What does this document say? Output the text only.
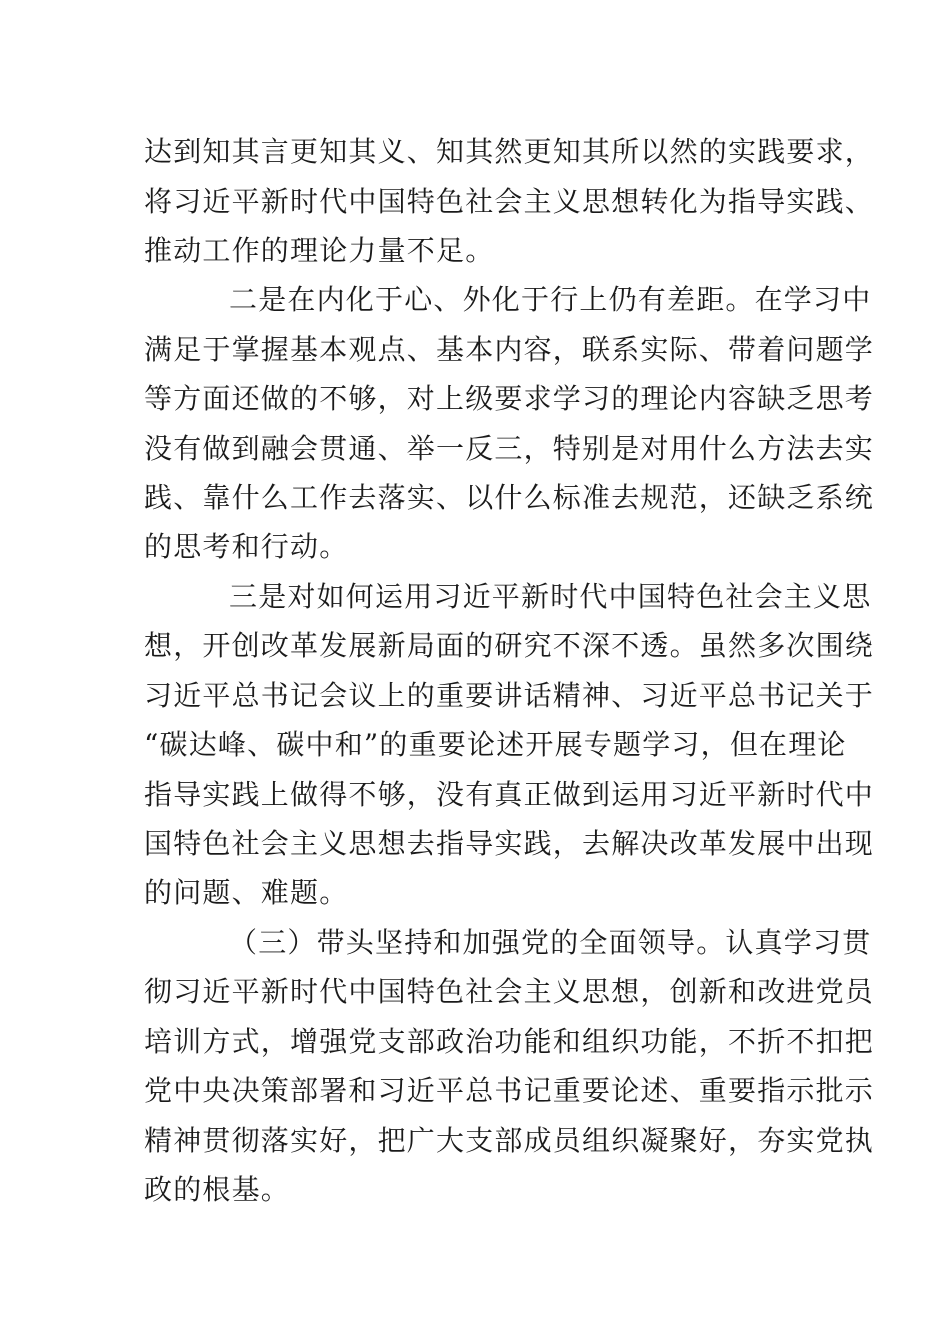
达到知其言更知其义、知其然更知其所以然的实践要求，
将习近平新时代中国特色社会主义思想转化为指导实践、
推动工作的理论力量不足。
二是在内化于心、外化于行上仍有差距。在学习中
满足于掌握基本观点、基本内容，联系实际、带着问题学
等方面还做的不够，对上级要求学习的理论内容缺乏思考
没有做到融会贯通、举一反三，特别是对用什么方法去实
践、靠什么工作去落实、以什么标准去规范，还缺乏系统
的思考和行动。
三是对如何运用习近平新时代中国特色社会主义思
想，开创改革发展新局面的研究不深不透。虽然多次围绕
习近平总书记会议上的重要讲话精神、习近平总书记关于
“碳达峰、碳中和”的重要论述开展专题学习，但在理论
指导实践上做得不够，没有真正做到运用习近平新时代中
国特色社会主义思想去指导实践，去解决改革发展中出现
的问题、难题。
（三）带头坚持和加强党的全面领导。认真学习贯
彻习近平新时代中国特色社会主义思想，创新和改进党员
培训方式，增强党支部政治功能和组织功能，不折不扣把
党中央决策部署和习近平总书记重要论述、重要指示批示
精神贯彻落实好，把广大支部成员组织凝聚好，夯实党执
政的根基。
